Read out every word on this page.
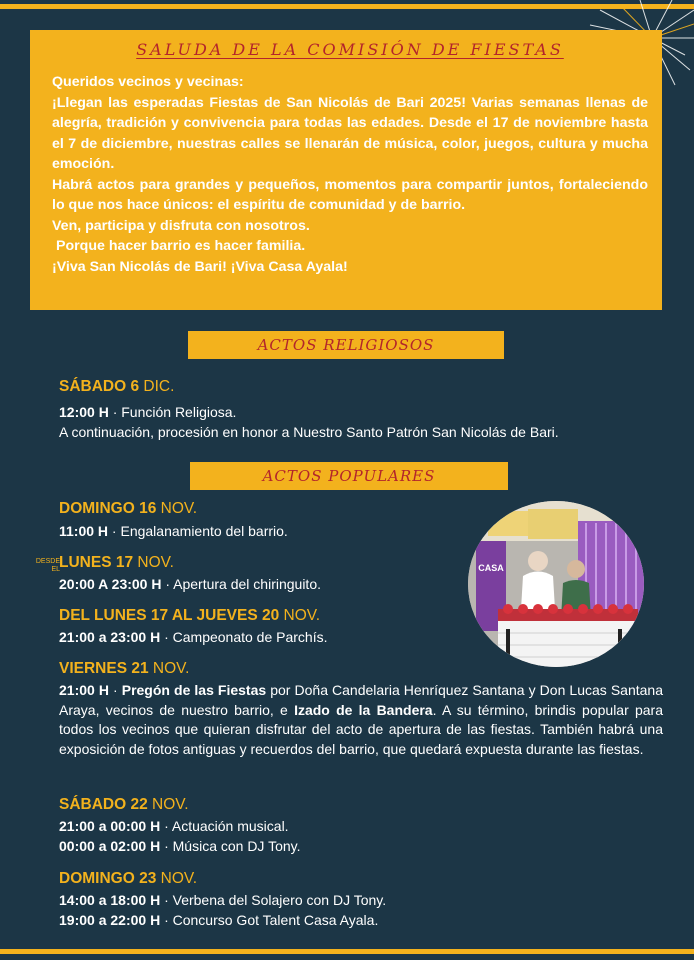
SALUDA DE LA COMISIÓN DE FIESTAS

Queridos vecinos y vecinas:

¡Llegan las esperadas Fiestas de San Nicolás de Bari 2025! Varias semanas llenas de alegría, tradición y convivencia para todas las edades. Desde el 17 de noviembre hasta el 7 de diciembre, nuestras calles se llenarán de música, color, juegos, cultura y mucha emoción.

Habrá actos para grandes y pequeños, momentos para compartir juntos, fortaleciendo lo que nos hace únicos: el espíritu de comunidad y de barrio.

Ven, participa y disfruta con nosotros.

Porque hacer barrio es hacer familia.

¡Viva San Nicolás de Bari! ¡Viva Casa Ayala!

ACTOS RELIGIOSOS
SÁBADO 6 DIC.
12:00 H · Función Religiosa.
A continuación, procesión en honor a Nuestro Santo Patrón San Nicolás de Bari.
ACTOS POPULARES
DOMINGO 16 NOV.
11:00 H · Engalanamiento del barrio.
DESDE EL LUNES 17 NOV.
20:00 A 23:00 H · Apertura del chiringuito.
DEL LUNES 17 AL JUEVES 20 NOV.
21:00 a 23:00 H · Campeonato de Parchís.
VIERNES 21 NOV.
21:00 H · Pregón de las Fiestas por Doña Candelaria Henríquez Santana y Don Lucas Santana Araya, vecinos de nuestro barrio, e Izado de la Bandera. A su término, brindis popular para todos los vecinos que quieran disfrutar del acto de apertura de las fiestas. También habrá una exposición de fotos antiguas y recuerdos del barrio, que quedará expuesta durante las fiestas.
SÁBADO 22 NOV.
21:00 a 00:00 H · Actuación musical.
00:00 a 02:00 H · Música con DJ Tony.
DOMINGO 23 NOV.
14:00 a 18:00 H · Verbena del Solajero con DJ Tony.
19:00 a 22:00 H · Concurso Got Talent Casa Ayala.
CASA
